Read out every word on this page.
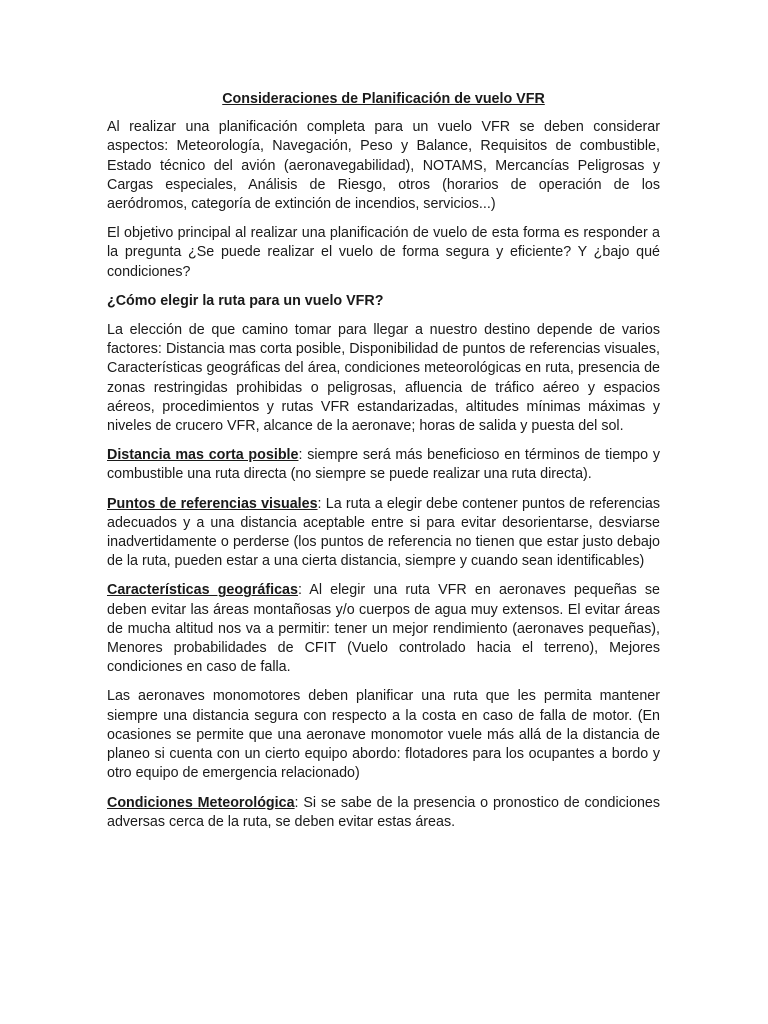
Consideraciones de Planificación de vuelo VFR

Al realizar una planificación completa para un vuelo VFR se deben considerar aspectos: Meteorología, Navegación, Peso y Balance, Requisitos de combustible, Estado técnico del avión (aeronavegabilidad), NOTAMS, Mercancías Peligrosas y Cargas especiales, Análisis de Riesgo, otros (horarios de operación de los aeródromos, categoría de extinción de incendios, servicios...)

El objetivo principal al realizar una planificación de vuelo de esta forma es responder a la pregunta ¿Se puede realizar el vuelo de forma segura y eficiente? Y ¿bajo qué condiciones?

¿Cómo elegir la ruta para un vuelo VFR?

La elección de que camino tomar para llegar a nuestro destino depende de varios factores: Distancia mas corta posible, Disponibilidad de puntos de referencias visuales, Características geográficas del área, condiciones meteorológicas en ruta, presencia de zonas restringidas prohibidas o peligrosas, afluencia de tráfico aéreo y espacios aéreos, procedimientos y rutas VFR estandarizadas, altitudes mínimas máximas y niveles de crucero VFR, alcance de la aeronave; horas de salida y puesta del sol.

Distancia mas corta posible: siempre será más beneficioso en términos de tiempo y combustible una ruta directa (no siempre se puede realizar una ruta directa).

Puntos de referencias visuales: La ruta a elegir debe contener puntos de referencias adecuados y a una distancia aceptable entre si para evitar desorientarse, desviarse inadvertidamente o perderse (los puntos de referencia no tienen que estar justo debajo de la ruta, pueden estar a una cierta distancia, siempre y cuando sean identificables)

Características geográficas: Al elegir una ruta VFR en aeronaves pequeñas se deben evitar las áreas montañosas y/o cuerpos de agua muy extensos. El evitar áreas de mucha altitud nos va a permitir: tener un mejor rendimiento (aeronaves pequeñas), Menores probabilidades de CFIT (Vuelo controlado hacia el terreno), Mejores condiciones en caso de falla.

Las aeronaves monomotores deben planificar una ruta que les permita mantener siempre una distancia segura con respecto a la costa en caso de falla de motor. (En ocasiones se permite que una aeronave monomotor vuele más allá de la distancia de planeo si cuenta con un cierto equipo abordo: flotadores para los ocupantes a bordo y otro equipo de emergencia relacionado)

Condiciones Meteorológica: Si se sabe de la presencia o pronostico de condiciones adversas cerca de la ruta, se deben evitar estas áreas.
